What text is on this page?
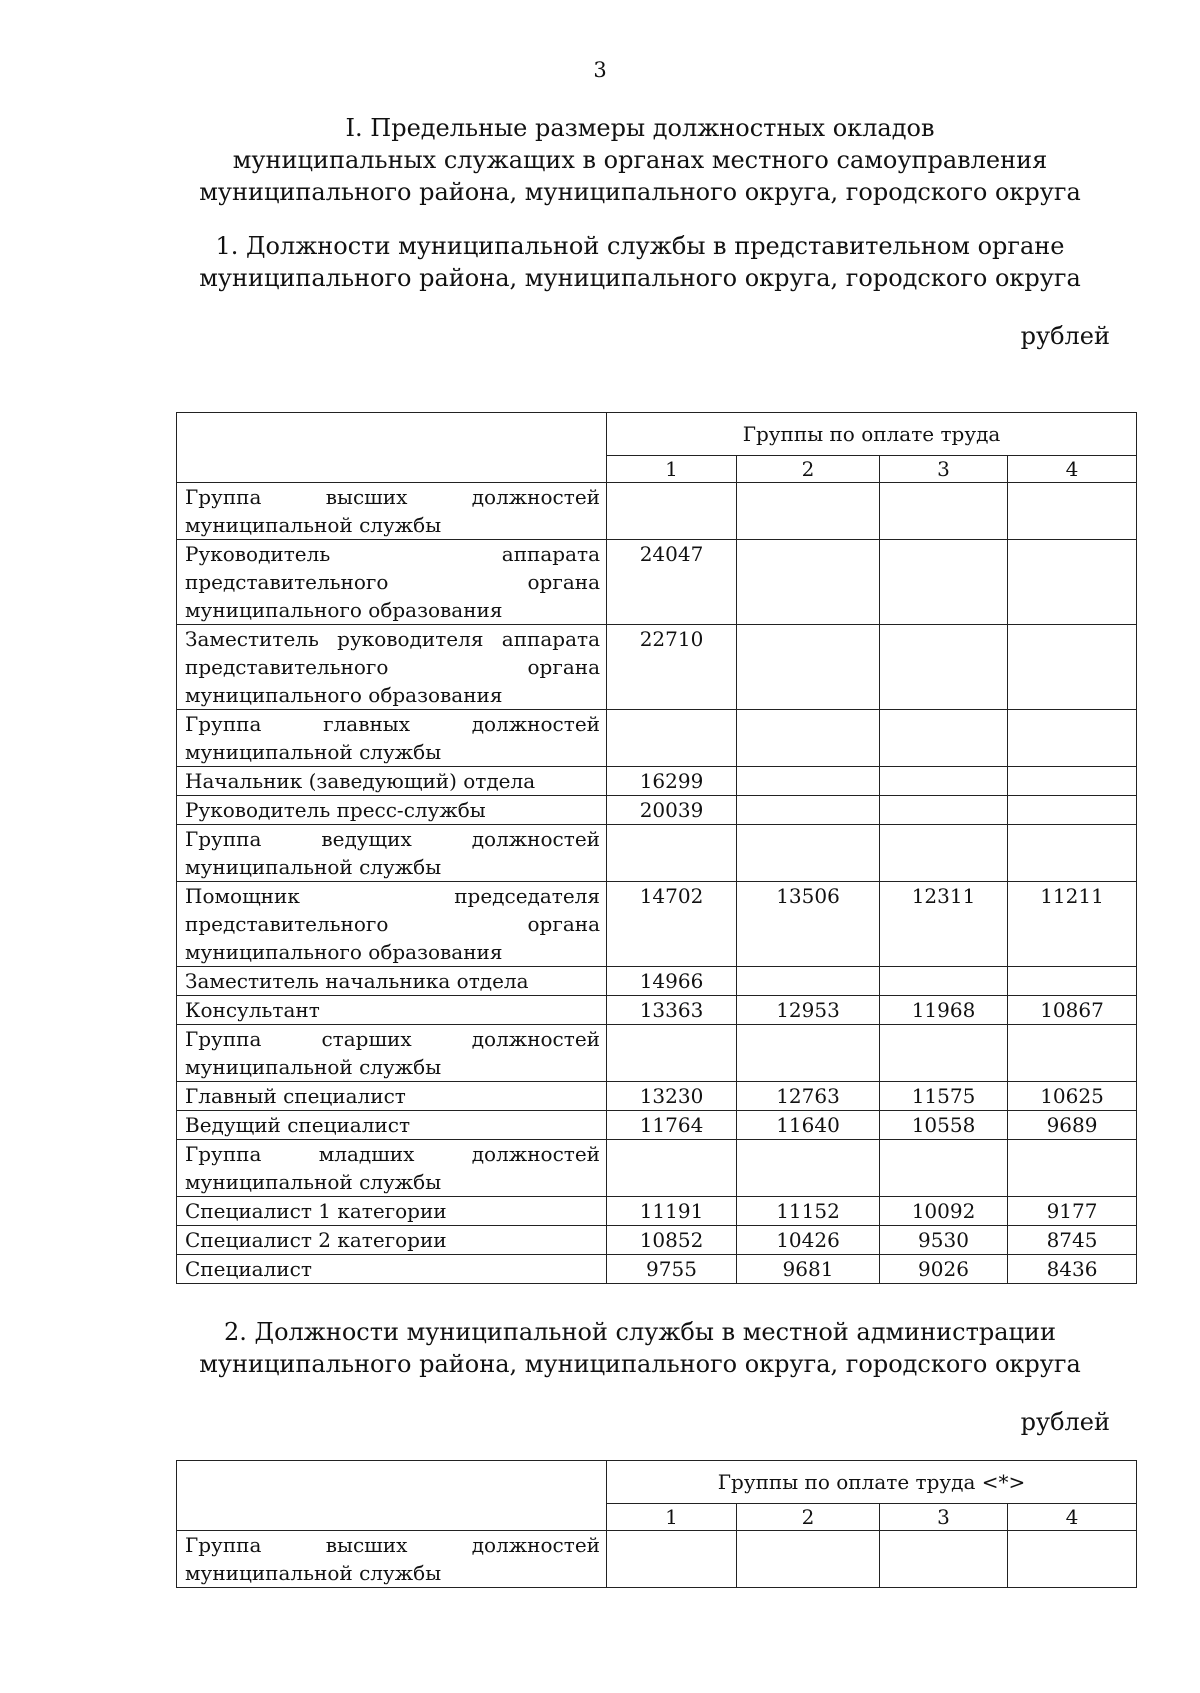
3
I. Предельные размеры должностных окладов
муниципальных служащих в органах местного самоуправления
муниципального района, муниципального округа, городского округа
1. Должности муниципальной службы в представительном органе
муниципального района, муниципального округа, городского округа
рублей
	Группы по оплате труда			
	1	2	3	4
Группа высших должностей муниципальной службы				
Руководитель аппарата представительного органа муниципального образования	24047			
Заместитель руководителя аппарата представительного органа муниципального образования	22710			
Группа главных должностей муниципальной службы				
Начальник (заведующий) отдела	16299			
Руководитель пресс-службы	20039			
Группа ведущих должностей муниципальной службы				
Помощник председателя представительного органа муниципального образования	14702	13506	12311	11211
Заместитель начальника отдела	14966			
Консультант	13363	12953	11968	10867
Группа старших должностей муниципальной службы				
Главный специалист	13230	12763	11575	10625
Ведущий специалист	11764	11640	10558	9689
Группа младших должностей муниципальной службы				
Специалист 1 категории	11191	11152	10092	9177
Специалист 2 категории	10852	10426	9530	8745
Специалист	9755	9681	9026	8436
2. Должности муниципальной службы в местной администрации
муниципального района, муниципального округа, городского округа
рублей
	Группы по оплате труда <*>			
	1	2	3	4
Группа высших должностей муниципальной службы				
